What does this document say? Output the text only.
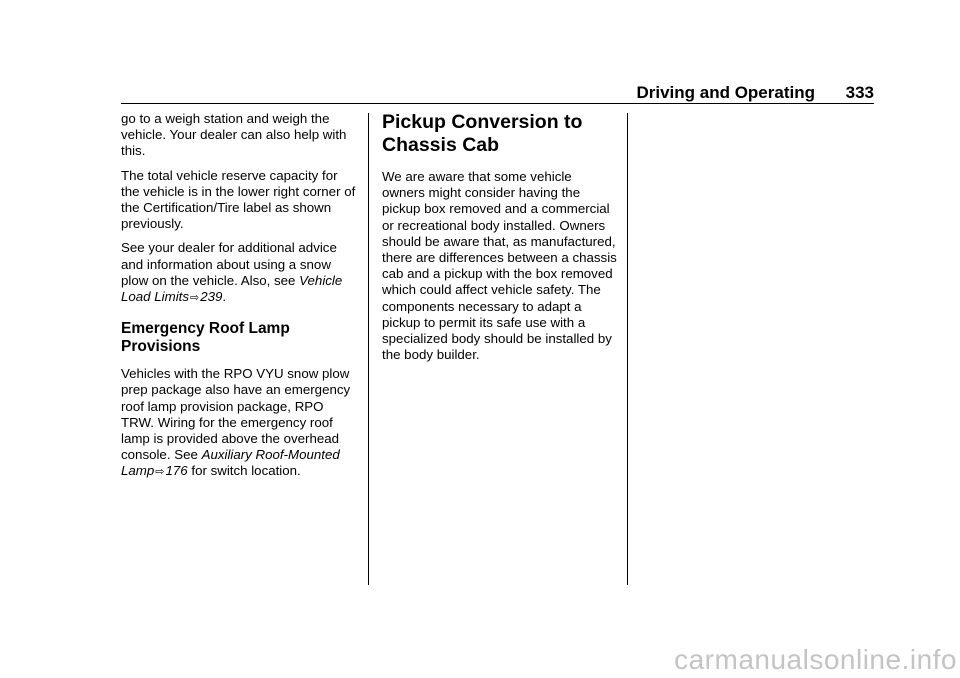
Driving and Operating 333

go to a weigh station and weigh the vehicle. Your dealer can also help with this.

The total vehicle reserve capacity for the vehicle is in the lower right corner of the Certification/Tire label as shown previously.

See your dealer for additional advice and information about using a snow plow on the vehicle. Also, see Vehicle Load Limits⇨239.

Emergency Roof Lamp Provisions

Vehicles with the RPO VYU snow plow prep package also have an emergency roof lamp provision package, RPO TRW. Wiring for the emergency roof lamp is provided above the overhead console. See Auxiliary Roof-Mounted Lamp⇨176 for switch location.

Pickup Conversion to Chassis Cab

We are aware that some vehicle owners might consider having the pickup box removed and a commercial or recreational body installed. Owners should be aware that, as manufactured, there are differences between a chassis cab and a pickup with the box removed which could affect vehicle safety. The components necessary to adapt a pickup to permit its safe use with a specialized body should be installed by the body builder.

carmanualsonline.info
